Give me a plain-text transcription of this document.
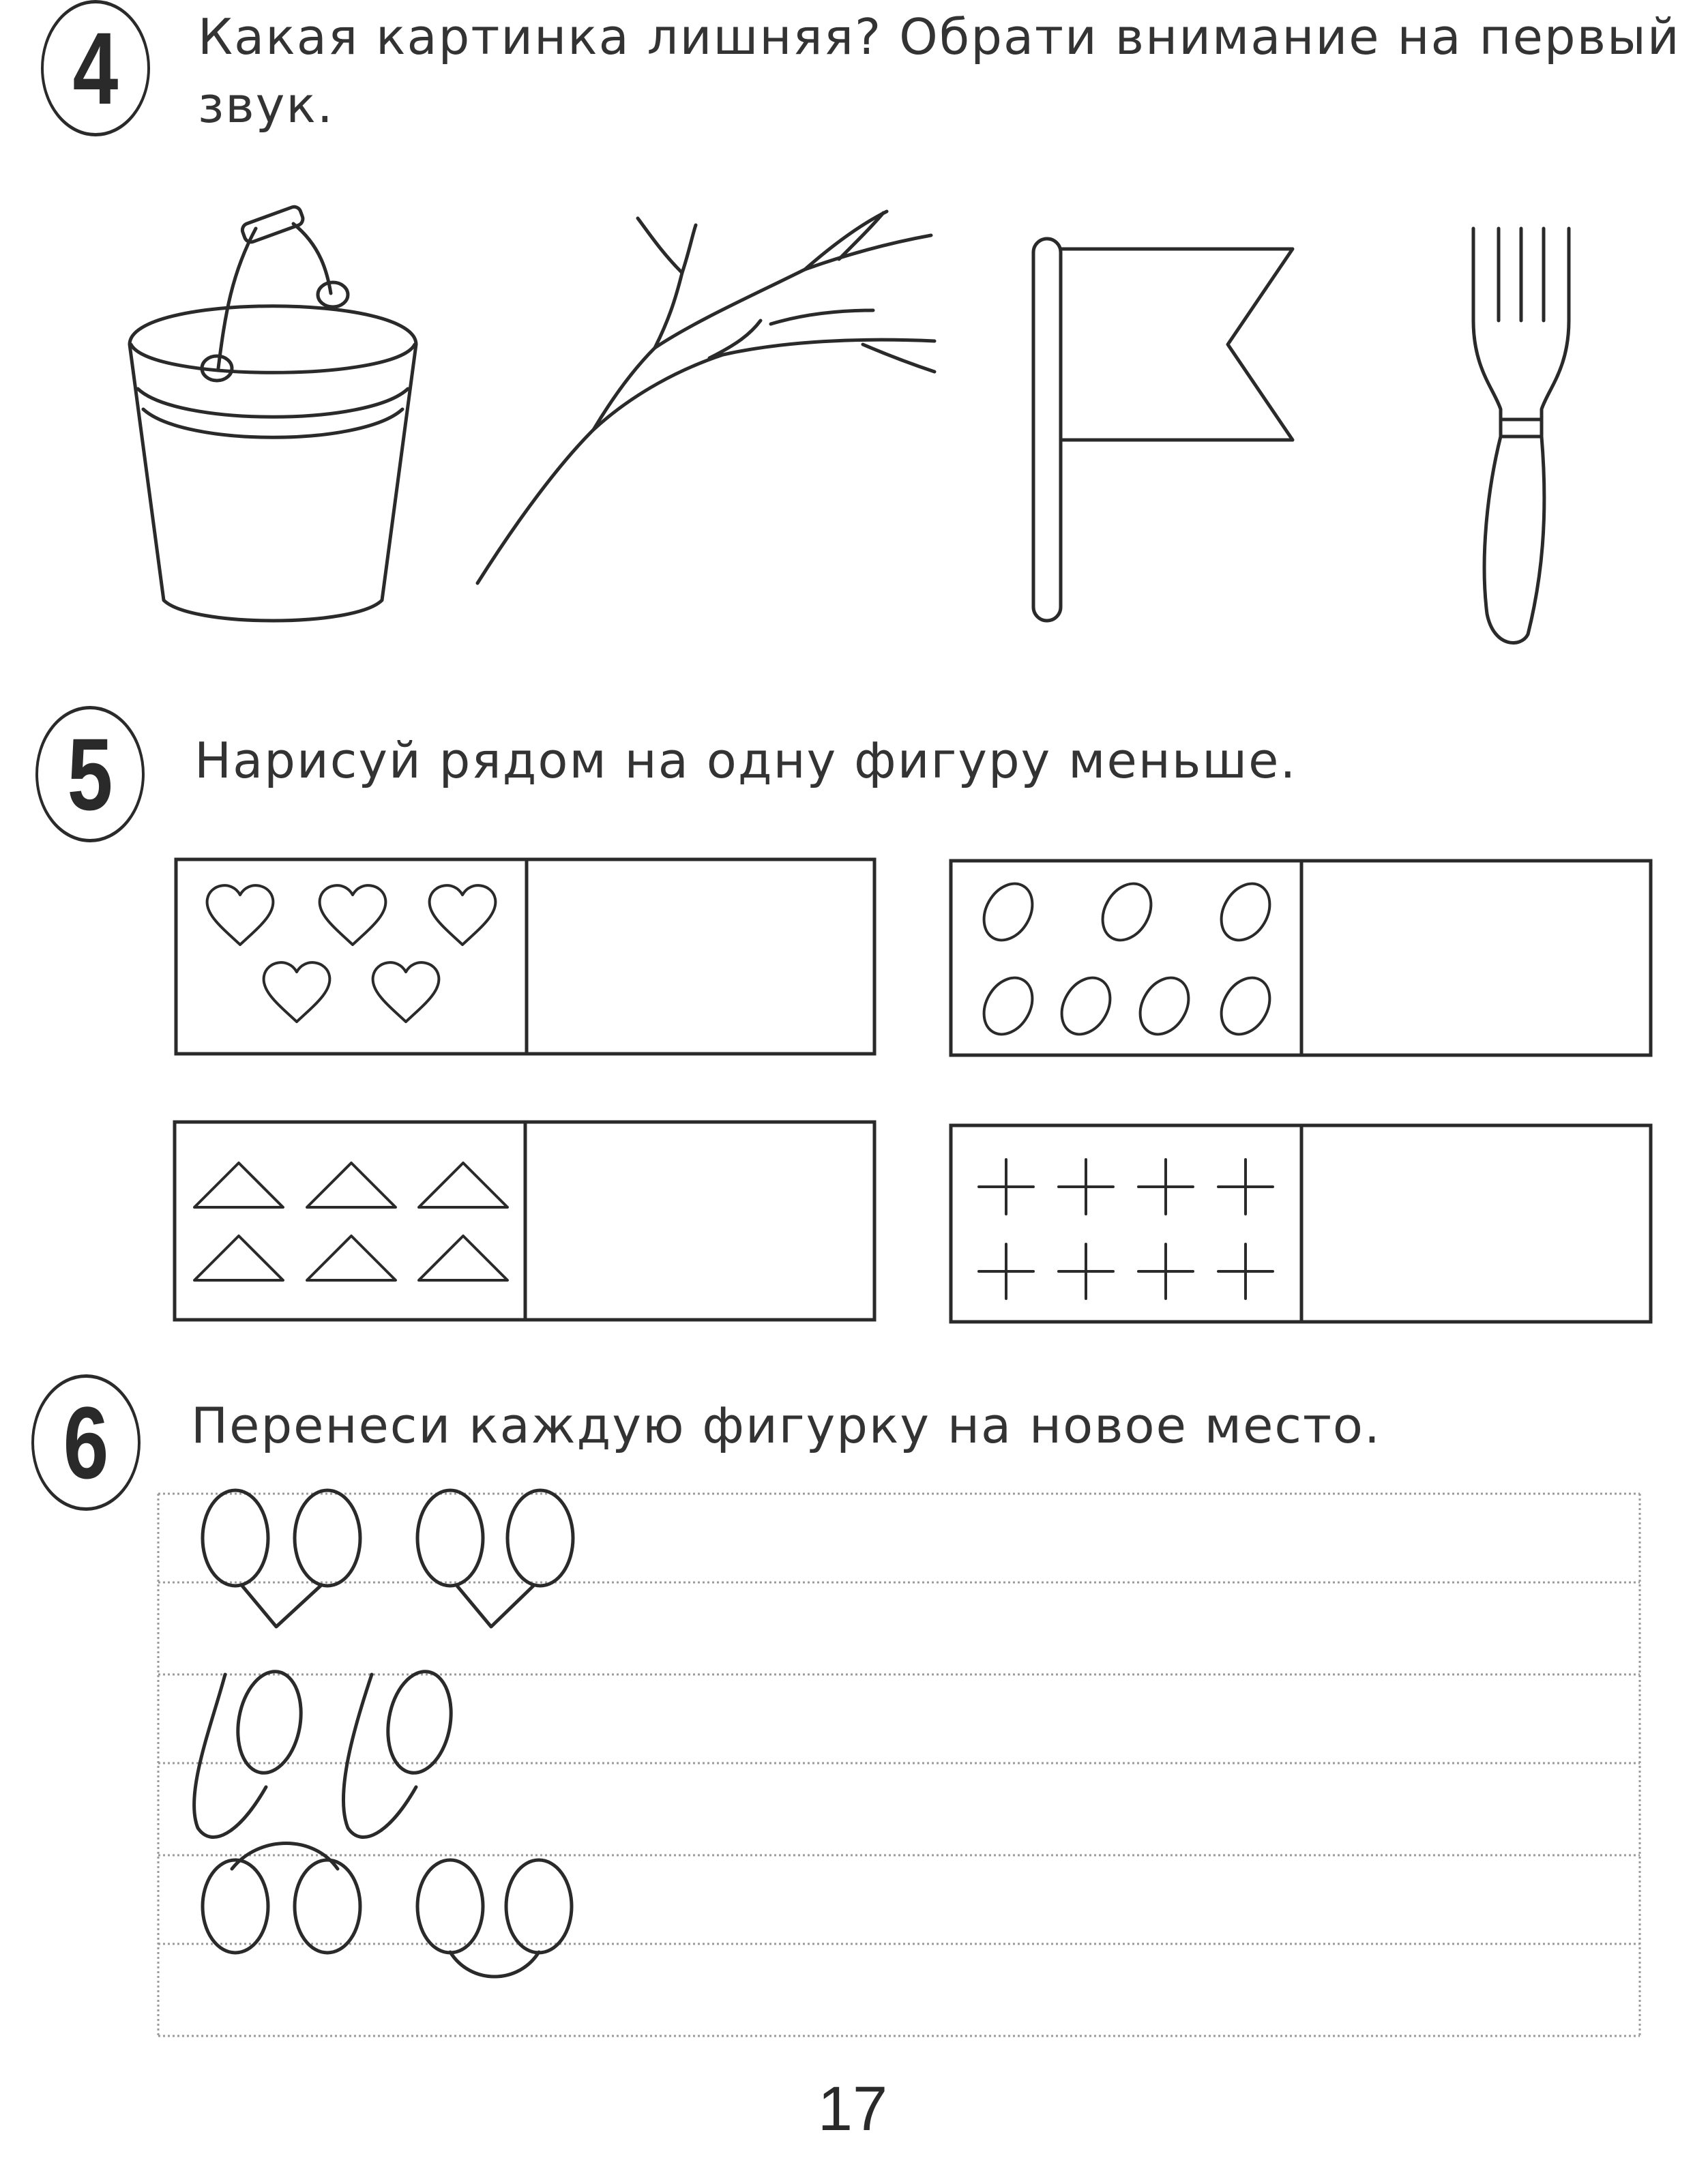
4	Какая картинка лишняя? Обрати внимание на первый
звук.
5	Нарисуй рядом на одну фигуру меньше.
6	Перенеси каждую фигурку на новое место.
17
